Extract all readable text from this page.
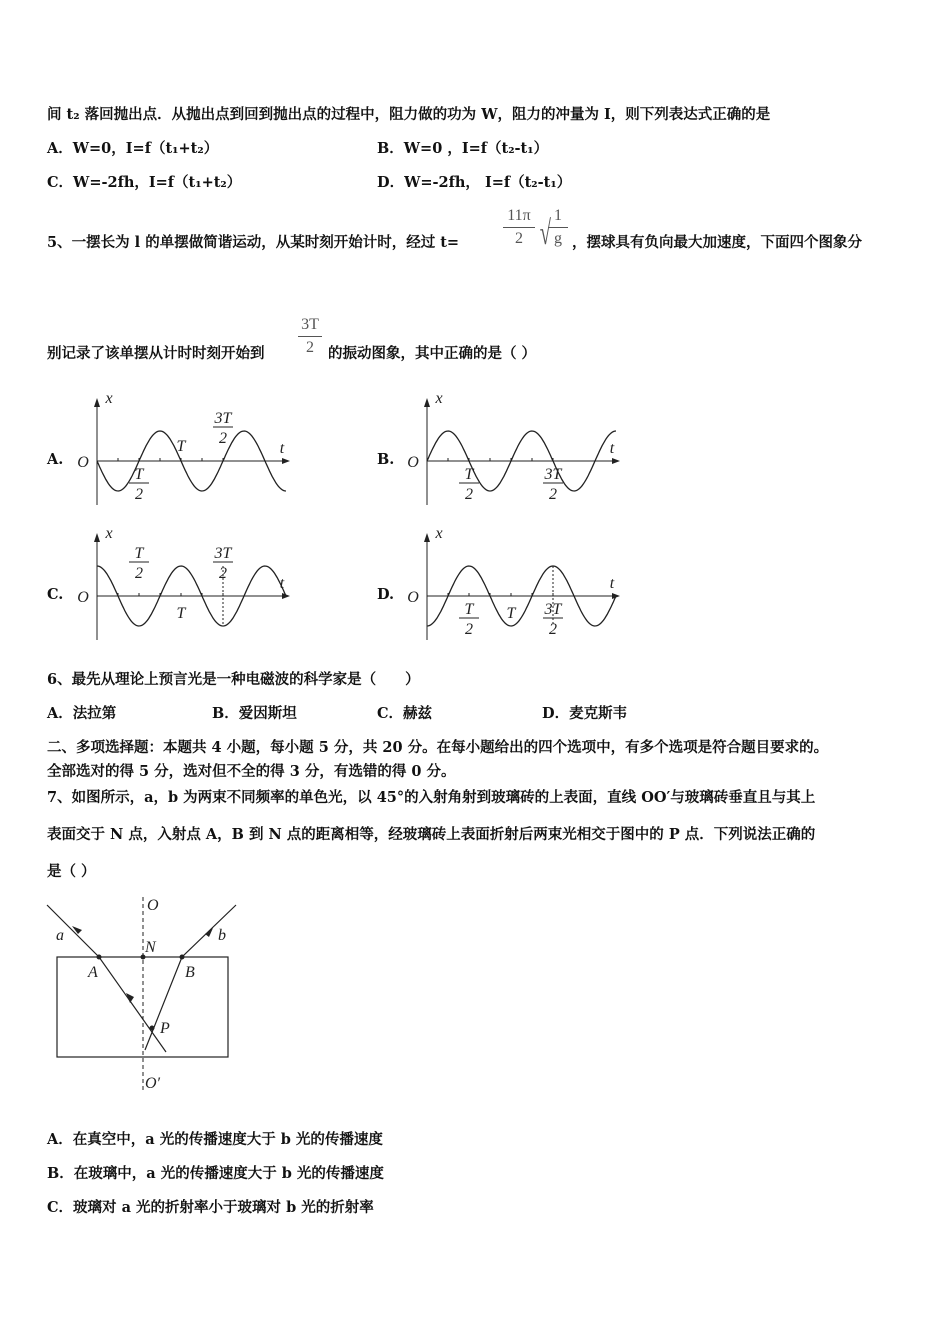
间 t₂ 落回抛出点．从抛出点到回到抛出点的过程中，阻力做的功为 W，阻力的冲量为 I，则下列表达式正确的是
A．W=0，I=f（t₁+t₂）	B．W=0 ，I=f（t₂-t₁）
C．W=-2fh，I=f（t₁+t₂）	D．W=-2fh， I=f（t₂-t₁）
5、一摆长为 l 的单摆做简谐运动，从某时刻开始计时，经过 t=
11π
2 √ 1
g ，摆球具有负向最大加速度，下面四个图象分
别记录了该单摆从计时时刻开始到
3T
2 的振动图象，其中正确的是（ ）
A.
x
t
O
T
2
3T
2
T
B.
x
t
O
T
2
3T
2
C.
x
t
O
T
2
3T
2
T
D.
x
t
O
T
2
3T
2
T
6、最先从理论上预言光是一种电磁波的科学家是（　　）
A．法拉第	B．爱因斯坦	C．赫兹	D．麦克斯韦
二、多项选择题：本题共 4 小题，每小题 5 分，共 20 分。在每小题给出的四个选项中，有多个选项是符合题目要求的。
全部选对的得 5 分，选对但不全的得 3 分，有选错的得 0 分。
7、如图所示，a，b 为两束不同频率的单色光，以 45°的入射角射到玻璃砖的上表面，直线 OO′与玻璃砖垂直且与其上
表面交于 N 点，入射点 A，B 到 N 点的距离相等，经玻璃砖上表面折射后两束光相交于图中的 P 点．下列说法正确的
是（ ）
a	b
O
O′
N
A	B
P
A．在真空中，a 光的传播速度大于 b 光的传播速度
B．在玻璃中，a 光的传播速度大于 b 光的传播速度
C．玻璃对 a 光的折射率小于玻璃对 b 光的折射率
